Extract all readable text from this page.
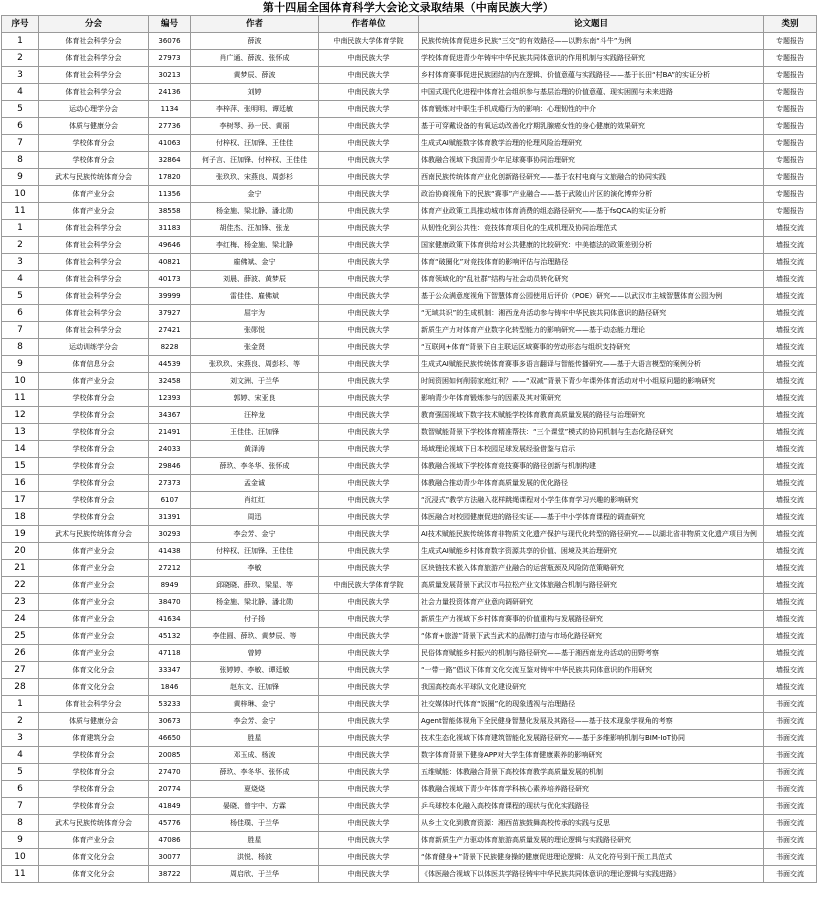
第十四届全国体育科学大会论文录取结果（中南民族大学）
序号	分会	编号	作者	作者单位	论文题目	类别
1	体育社会科学分会	36076	薛波	中南民族大学体育学院	民族传统体育促进乡民族“三交”的有效路径——以黔东南“斗牛”为例	专题报告
2	体育社会科学分会	27973	肖广通、薛波、张怀成	中南民族大学	学校体育促进青少年铸牢中华民族共同体意识的作用机制与实践路径研究	专题报告
3	体育社会科学分会	30213	黄梦辰、薛波	中南民族大学	乡村体育赛事促进民族团结的内在逻辑、价值意蕴与实践路径——基于长田“村BA”的实证分析	专题报告
4	体育社会科学分会	24136	刘婷	中南民族大学	中国式现代化进程中体育社会组织参与基层治理的价值意蕴、现实困囿与未来进路	专题报告
5	运动心理学分会	1134	李梓萍、张明明、谭廷敏	中南民族大学	体育锻炼对中职生手机成瘾行为的影响：心理韧性的中介	专题报告
6	体质与健康分会	27736	李树琴、孙一民、黄丽	中南民族大学	基于可穿戴设备的有氧运动改善化疗期乳腺癌女性的身心健康的效果研究	专题报告
7	学校体育分会	41063	付梓权、汪加锋、王佳佳	中南民族大学	生成式AI赋能数字体育教学治理的伦理风险治理研究	专题报告
8	学校体育分会	32864	何子言、汪加锋、付梓权、王佳佳	中南民族大学	体教融合视域下我国青少年足球赛事协同治理研究	专题报告
9	武术与民族传统体育分会	17820	张玖玖、宋燕良、周彭杉	中南民族大学	西南民族传统体育产业化创新路径研究——基于农村电商与文旅融合的协同实践	专题报告
10	体育产业分会	11356	金宁	中南民族大学	政治协商视角下的民族“赛事”产业融合——基于武陵山片区的演化博弈分析	专题报告
11	体育产业分会	38558	杨金施、梁北静、潘北勋	中南民族大学	体育产业政策工具推动城市体育消费的组态路径研究——基于fsQCA的实证分析	专题报告
1	体育社会科学分会	31183	胡佳杰、汪加锋、张龙	中南民族大学	从韧性化到公共性：竞技体育项目化的生成机理及协同治理范式	墙报交流
2	体育社会科学分会	49646	李红梅、杨金施、梁北静	中南民族大学	国家健康政策下体育供给对公共健康的比较研究：中美德法的政策差别分析	墙报交流
3	体育社会科学分会	40821	雇佛斌、金宁	中南民族大学	体育“破圈化”对竞技体育的影响评估与治理路径	墙报交流
4	体育社会科学分会	40173	刘晨、薛波、黄梦辰	中南民族大学	体育领域化的“乱社群”结构与社会动员转化研究	墙报交流
5	体育社会科学分会	39999	雷佳佳、雇佛斌	中南民族大学	基于公众满意度视角下智慧体育公园使用后评价（POE）研究——以武汉市主城智慧体育公园为例	墙报交流
6	体育社会科学分会	37927	屈宇为	中南民族大学	“无域共识”的生成机制：湘西龙舟活动参与铸牢中华民族共同体意识的路径研究	墙报交流
7	体育社会科学分会	27421	张郧悦	中南民族大学	新质生产力对体育产业数字化转型能力的影响研究——基于动态能力理论	墙报交流
8	运动训练学分会	8228	张金贤	中南民族大学	“互联网+体育”背景下自主联运区域赛事的劳动形态与组织支持研究	墙报交流
9	体育信息分会	44539	张玖玖、宋燕良、周彭杉、等	中南民族大学	生成式AI赋能民族传统体育赛事多语言翻译与智能传播研究——基于大语言模型的案例分析	墙报交流
10	体育产业分会	32458	刘文洲、于兰华	中南民族大学	时间资困如何削弱家庭红利？——“双减”背景下青少年课外体育活动对中小组原问题的影响研究	墙报交流
11	学校体育分会	12393	郭婷、宋亚良	中南民族大学	影响青少年体育锻炼参与的因素及其对策研究	墙报交流
12	学校体育分会	34367	汪梓龙	中南民族大学	教育强国视域下数字技术赋能学校体育教育高质量发展的路径与治理研究	墙报交流
13	学校体育分会	21491	王佳佳、汪加锋	中南民族大学	数智赋能背景下学校体育精准帮扶：“三个课堂”模式的协同机制与生态化路径研究	墙报交流
14	学校体育分会	24033	黄泽涛	中南民族大学	场域理论视域下日本校园足球发展经验借鉴与启示	墙报交流
15	学校体育分会	29846	薛玖、李冬华、张怀成	中南民族大学	体教融合视域下学校体育竞技赛事的路径创新与机制构建	墙报交流
16	学校体育分会	27373	孟金诚	中南民族大学	体教融合推动青少年体育高质量发展的优化路径	墙报交流
17	学校体育分会	6107	肖红红	中南民族大学	“沉浸式”教学方法融入花样跳绳课程对小学生体育学习兴趣的影响研究	墙报交流
18	学校体育分会	31391	周迅	中南民族大学	体医融合对校园健康促进的路径实证——基于中小学体育课程的调查研究	墙报交流
19	武术与民族传统体育分会	30293	李会芳、金宁	中南民族大学	AI技术赋能民族传统体育非物质文化遗产保护与现代化转型的路径研究——以湖北省非物质文化遗产项目为例	墙报交流
20	体育产业分会	41438	付梓权、汪加锋、王佳佳	中南民族大学	生成式AI赋能乡村体育数字资源共享的价值、困境及其治理研究	墙报交流
21	体育产业分会	27212	李敏	中南民族大学	区块链技术嵌入体育旅游产业融合的运营瓶颈及风险防范策略研究	墙报交流
22	体育产业分会	8949	邱晓晓、薛玖、梁星、等	中南民族大学体育学院	高质量发展背景下武汉市马拉松产业文体旅融合机制与路径研究	墙报交流
23	体育产业分会	38470	杨金施、梁北静、潘北勋	中南民族大学	社会力量投资体育产业意向调研研究	墙报交流
24	体育产业分会	41634	付子扬	中南民族大学	新质生产力视域下乡村体育赛事的价值重构与发展路径研究	墙报交流
25	体育产业分会	45132	李佳圆、薛玖、黄梦辰、等	中南民族大学	“体育+旅游”背景下武当武术的品牌打造与市场化路径研究	墙报交流
26	体育产业分会	47118	曾婷	中南民族大学	民俗体育赋能乡村振兴的机制与路径研究——基于湘西南龙舟活动的田野考察	墙报交流
27	体育文化分会	33347	张婷婷、李敏、谭廷敏	中南民族大学	“一带一路”倡议下体育文化交流互鉴对铸牢中华民族共同体意识的作用研究	墙报交流
28	体育文化分会	1846	赵东文、汪加锋	中南民族大学	我国高校高水平球队文化建设研究	墙报交流
1	体育社会科学分会	53233	黄梓琳、金宁	中南民族大学	社交媒体时代体育“饭圈”化的现象透视与治理路径	书面交流
2	体质与健康分会	30673	李会芳、金宁	中南民族大学	Agent智能体视角下全民健身智慧化发展及其路径——基于技术现象学视角的考察	书面交流
3	体育建筑分会	46650	胜星	中南民族大学	技术生态化视域下体育建筑智能化发展路径研究——基于多维影响机制与BIM-IoT协同	书面交流
4	学校体育分会	20085	邓玉成、杨波	中南民族大学	数字体育背景下健身APP对大学生体育健康素养的影响研究	书面交流
5	学校体育分会	27470	薛玖、李冬华、张怀成	中南民族大学	五维赋能：体教融合背景下高校体育教学高质量发展的机制	书面交流
6	学校体育分会	20774	夏烧烧	中南民族大学	体教融合视域下青少年体育学科核心素养培养路径研究	书面交流
7	学校体育分会	41849	晏晓、曾宇中、方霖	中南民族大学	乒乓球校本化融入高校体育课程的现状与优化实践路径	书面交流
8	武术与民族传统体育分会	45776	杨佳璞、于兰华	中南民族大学	从乡土文化到教育资源：湘西苗族鼓舞高校传承的实践与反思	书面交流
9	体育产业分会	47086	胜星	中南民族大学	体育新质生产力驱动体育旅游高质量发展的理论逻辑与实践路径研究	书面交流
10	体育文化分会	30077	洪悦、杨波	中南民族大学	“体育健身+”背景下民族健身操的健康促进理论逻辑：从文化符号到干预工具范式	书面交流
11	体育文化分会	38722	周启欣、于兰华	中南民族大学	《体医融合视域下以体医共学路径铸牢中华民族共同体意识的理论逻辑与实践进路》	书面交流
